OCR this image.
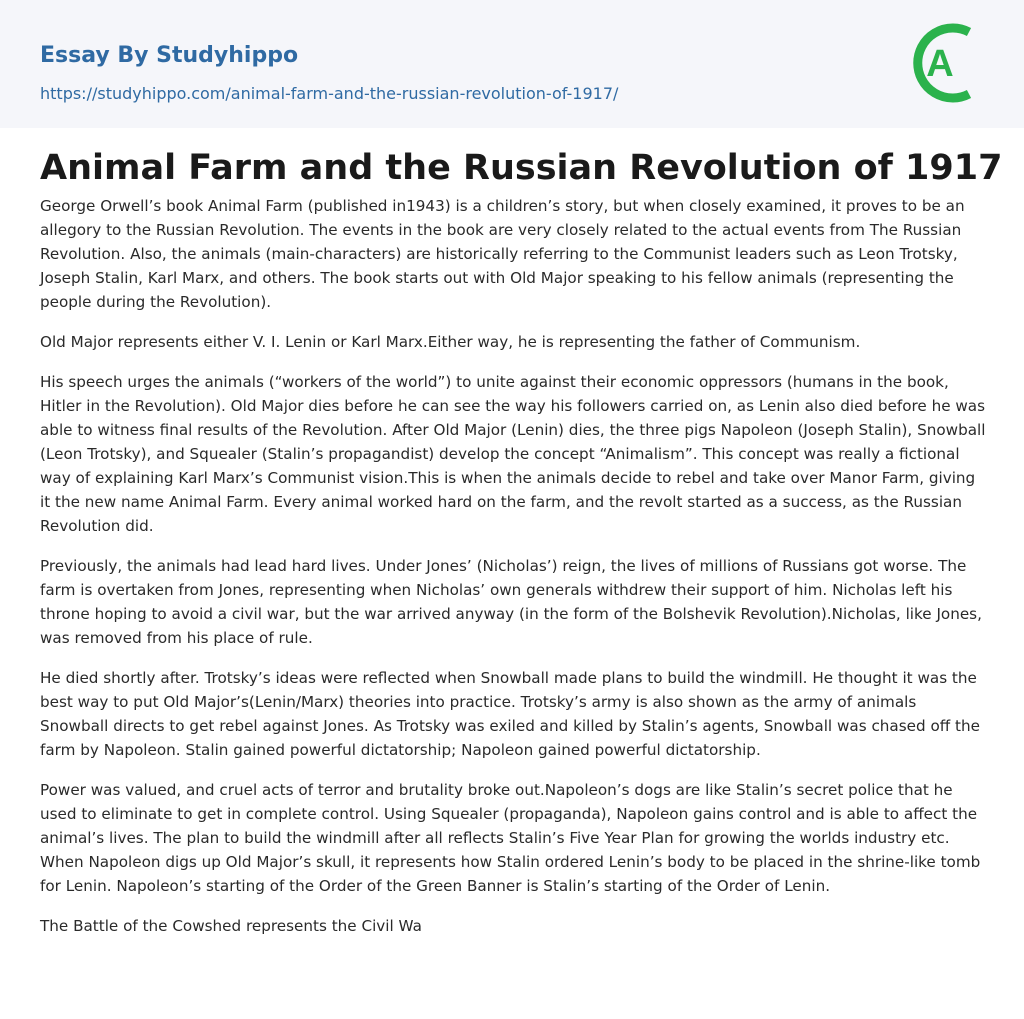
Essay By Studyhippo
https://studyhippo.com/animal-farm-and-the-russian-revolution-of-1917/
A
Animal Farm and the Russian Revolution of 1917

George Orwell’s book Animal Farm (published in1943) is a children’s story, but when closely examined, it proves to be an allegory to the Russian Revolution. The events in the book are very closely related to the actual events from The Russian Revolution. Also, the animals (main-characters) are historically referring to the Communist leaders such as Leon Trotsky, Joseph Stalin, Karl Marx, and others. The book starts out with Old Major speaking to his fellow animals (representing the people during the Revolution).

Old Major represents either V. I. Lenin or Karl Marx.Either way, he is representing the father of Communism.

His speech urges the animals (“workers of the world”) to unite against their economic oppressors (humans in the book, Hitler in the Revolution). Old Major dies before he can see the way his followers carried on, as Lenin also died before he was able to witness final results of the Revolution. After Old Major (Lenin) dies, the three pigs Napoleon (Joseph Stalin), Snowball (Leon Trotsky), and Squealer (Stalin’s propagandist) develop the concept “Animalism”. This concept was really a fictional way of explaining Karl Marx’s Communist vision.This is when the animals decide to rebel and take over Manor Farm, giving it the new name Animal Farm. Every animal worked hard on the farm, and the revolt started as a success, as the Russian Revolution did.

Previously, the animals had lead hard lives. Under Jones’ (Nicholas’) reign, the lives of millions of Russians got worse. The farm is overtaken from Jones, representing when Nicholas’ own generals withdrew their support of him. Nicholas left his throne hoping to avoid a civil war, but the war arrived anyway (in the form of the Bolshevik Revolution).Nicholas, like Jones, was removed from his place of rule.

He died shortly after. Trotsky’s ideas were reflected when Snowball made plans to build the windmill. He thought it was the best way to put Old Major’s(Lenin/Marx) theories into practice. Trotsky’s army is also shown as the army of animals Snowball directs to get rebel against Jones. As Trotsky was exiled and killed by Stalin’s agents, Snowball was chased off the farm by Napoleon. Stalin gained powerful dictatorship; Napoleon gained powerful dictatorship.

Power was valued, and cruel acts of terror and brutality broke out.Napoleon’s dogs are like Stalin’s secret police that he used to eliminate to get in complete control. Using Squealer (propaganda), Napoleon gains control and is able to affect the animal’s lives. The plan to build the windmill after all reflects Stalin’s Five Year Plan for growing the worlds industry etc. When Napoleon digs up Old Major’s skull, it represents how Stalin ordered Lenin’s body to be placed in the shrine-like tomb for Lenin. Napoleon’s starting of the Order of the Green Banner is Stalin’s starting of the Order of Lenin.

The Battle of the Cowshed represents the Civil Wa
